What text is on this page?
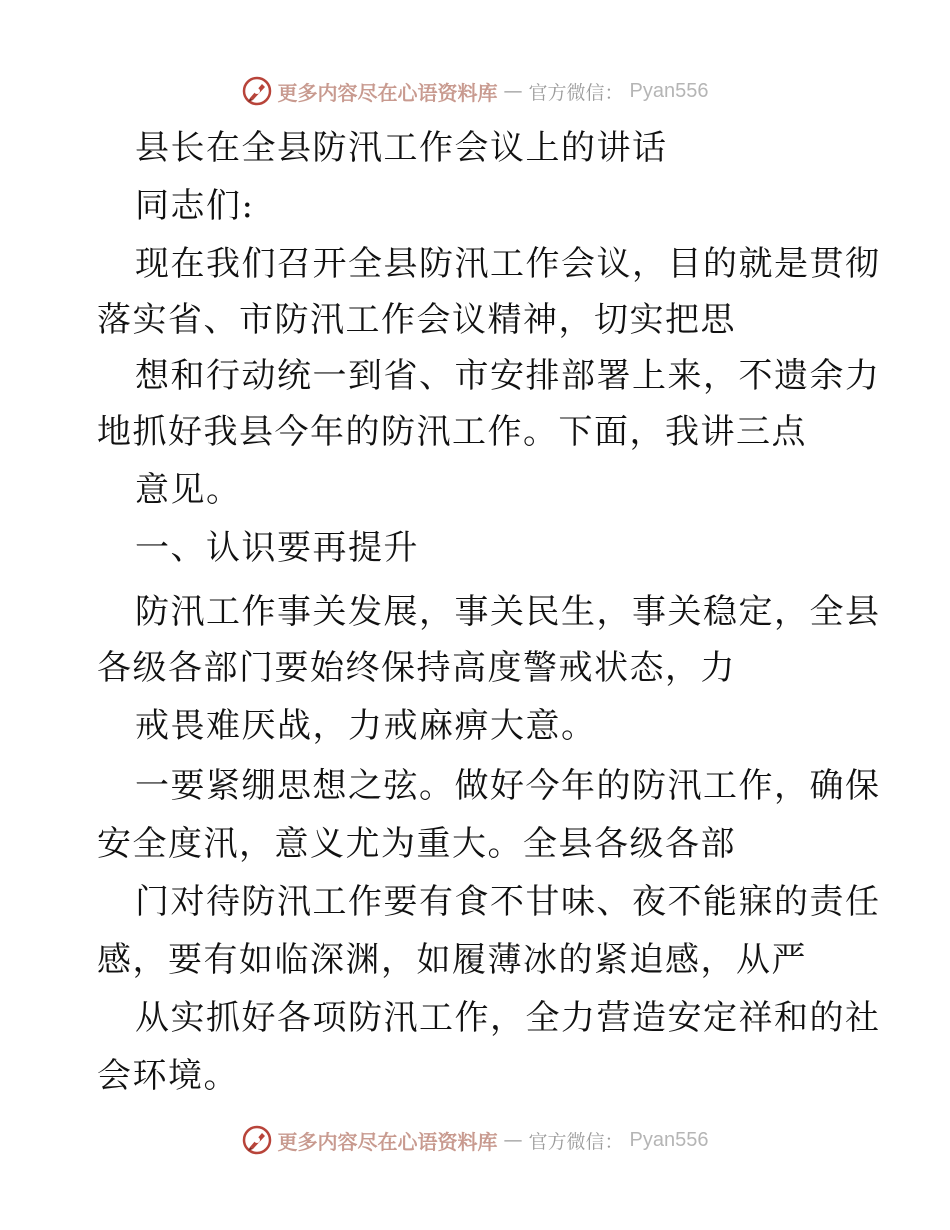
更多内容尽在心语资料库 — 官方微信： Pyan556
县长在全县防汛工作会议上的讲话
同志们:
现在我们召开全县防汛工作会议，目的就是贯彻
落实省、市防汛工作会议精神，切实把思
想和行动统一到省、市安排部署上来，不遗余力
地抓好我县今年的防汛工作。下面，我讲三点
意见。
一、认识要再提升
防汛工作事关发展，事关民生，事关稳定，全县
各级各部门要始终保持高度警戒状态，力
戒畏难厌战，力戒麻痹大意。
一要紧绷思想之弦。做好今年的防汛工作，确保
安全度汛，意义尤为重大。全县各级各部
门对待防汛工作要有食不甘味、夜不能寐的责任
感，要有如临深渊，如履薄冰的紧迫感，从严
从实抓好各项防汛工作，全力营造安定祥和的社
会环境。
更多内容尽在心语资料库 — 官方微信： Pyan556
